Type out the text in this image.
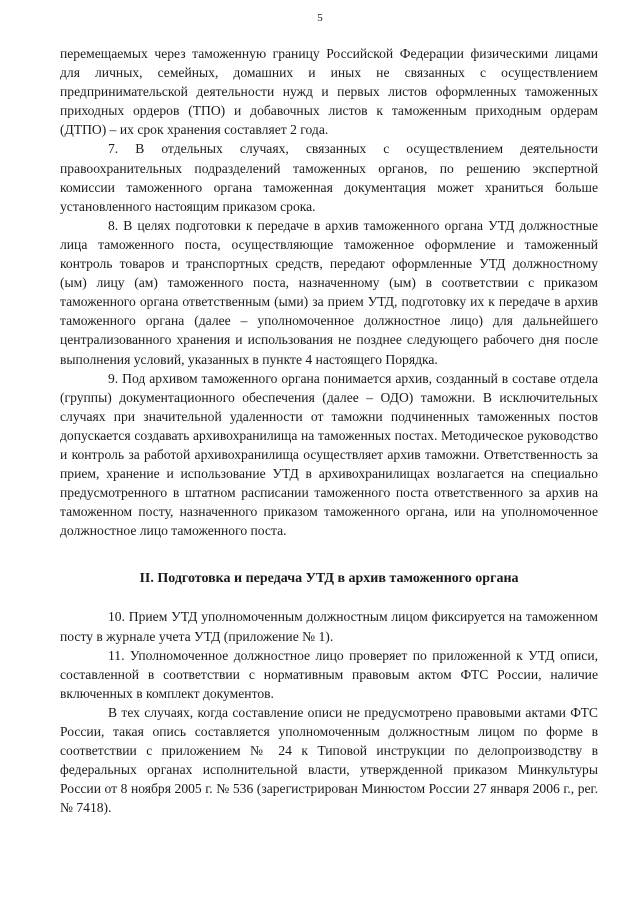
5

перемещаемых через таможенную границу Российской Федерации физическими лицами для личных, семейных, домашних и иных не связанных с осуществлением предпринимательской деятельности нужд и первых листов оформленных таможенных приходных ордеров (ТПО) и добавочных листов к таможенным приходным ордерам (ДТПО) – их срок хранения составляет 2 года.

7. В отдельных случаях, связанных с осуществлением деятельности правоохранительных подразделений таможенных органов, по решению экспертной комиссии таможенного органа таможенная документация может храниться больше установленного настоящим приказом срока.

8. В целях подготовки к передаче в архив таможенного органа УТД должностные лица таможенного поста, осуществляющие таможенное оформление и таможенный контроль товаров и транспортных средств, передают оформленные УТД должностному (ым) лицу (ам) таможенного поста, назначенному (ым) в соответствии с приказом таможенного органа ответственным (ыми) за прием УТД, подготовку их к передаче в архив таможенного органа (далее – уполномоченное должностное лицо) для дальнейшего централизованного хранения и использования не позднее следующего рабочего дня после выполнения условий, указанных в пункте 4 настоящего Порядка.

9. Под архивом таможенного органа понимается архив, созданный в составе отдела (группы) документационного обеспечения (далее – ОДО) таможни. В исключительных случаях при значительной удаленности от таможни подчиненных таможенных постов допускается создавать архивохранилища на таможенных постах. Методическое руководство и контроль за работой архивохранилища осуществляет архив таможни. Ответственность за прием, хранение и использование УТД в архивохранилищах возлагается на специально предусмотренного в штатном расписании таможенного поста ответственного за архив на таможенном посту, назначенного приказом таможенного органа, или на уполномоченное должностное лицо таможенного поста.

II. Подготовка и передача УТД в архив таможенного органа

10. Прием УТД уполномоченным должностным лицом фиксируется на таможенном посту в журнале учета УТД (приложение № 1).

11. Уполномоченное должностное лицо проверяет по приложенной к УТД описи, составленной в соответствии с нормативным правовым актом ФТС России, наличие включенных в комплект документов.

В тех случаях, когда составление описи не предусмотрено правовыми актами ФТС России, такая опись составляется уполномоченным должностным лицом по форме в соответствии с приложением № 24 к Типовой инструкции по делопроизводству в федеральных органах исполнительной власти, утвержденной приказом Минкультуры России от 8 ноября 2005 г. № 536 (зарегистрирован Минюстом России 27 января 2006 г., рег. № 7418).
